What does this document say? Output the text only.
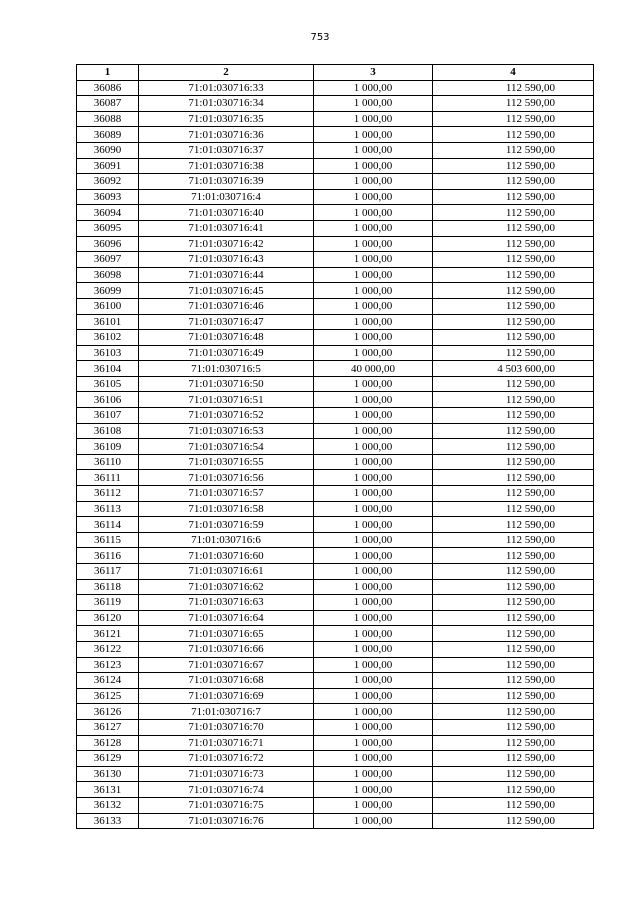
753
1	2	3	4
36086	71:01:030716:33	1 000,00	112 590,00
36087	71:01:030716:34	1 000,00	112 590,00
36088	71:01:030716:35	1 000,00	112 590,00
36089	71:01:030716:36	1 000,00	112 590,00
36090	71:01:030716:37	1 000,00	112 590,00
36091	71:01:030716:38	1 000,00	112 590,00
36092	71:01:030716:39	1 000,00	112 590,00
36093	71:01:030716:4	1 000,00	112 590,00
36094	71:01:030716:40	1 000,00	112 590,00
36095	71:01:030716:41	1 000,00	112 590,00
36096	71:01:030716:42	1 000,00	112 590,00
36097	71:01:030716:43	1 000,00	112 590,00
36098	71:01:030716:44	1 000,00	112 590,00
36099	71:01:030716:45	1 000,00	112 590,00
36100	71:01:030716:46	1 000,00	112 590,00
36101	71:01:030716:47	1 000,00	112 590,00
36102	71:01:030716:48	1 000,00	112 590,00
36103	71:01:030716:49	1 000,00	112 590,00
36104	71:01:030716:5	40 000,00	4 503 600,00
36105	71:01:030716:50	1 000,00	112 590,00
36106	71:01:030716:51	1 000,00	112 590,00
36107	71:01:030716:52	1 000,00	112 590,00
36108	71:01:030716:53	1 000,00	112 590,00
36109	71:01:030716:54	1 000,00	112 590,00
36110	71:01:030716:55	1 000,00	112 590,00
36111	71:01:030716:56	1 000,00	112 590,00
36112	71:01:030716:57	1 000,00	112 590,00
36113	71:01:030716:58	1 000,00	112 590,00
36114	71:01:030716:59	1 000,00	112 590,00
36115	71:01:030716:6	1 000,00	112 590,00
36116	71:01:030716:60	1 000,00	112 590,00
36117	71:01:030716:61	1 000,00	112 590,00
36118	71:01:030716:62	1 000,00	112 590,00
36119	71:01:030716:63	1 000,00	112 590,00
36120	71:01:030716:64	1 000,00	112 590,00
36121	71:01:030716:65	1 000,00	112 590,00
36122	71:01:030716:66	1 000,00	112 590,00
36123	71:01:030716:67	1 000,00	112 590,00
36124	71:01:030716:68	1 000,00	112 590,00
36125	71:01:030716:69	1 000,00	112 590,00
36126	71:01:030716:7	1 000,00	112 590,00
36127	71:01:030716:70	1 000,00	112 590,00
36128	71:01:030716:71	1 000,00	112 590,00
36129	71:01:030716:72	1 000,00	112 590,00
36130	71:01:030716:73	1 000,00	112 590,00
36131	71:01:030716:74	1 000,00	112 590,00
36132	71:01:030716:75	1 000,00	112 590,00
36133	71:01:030716:76	1 000,00	112 590,00
